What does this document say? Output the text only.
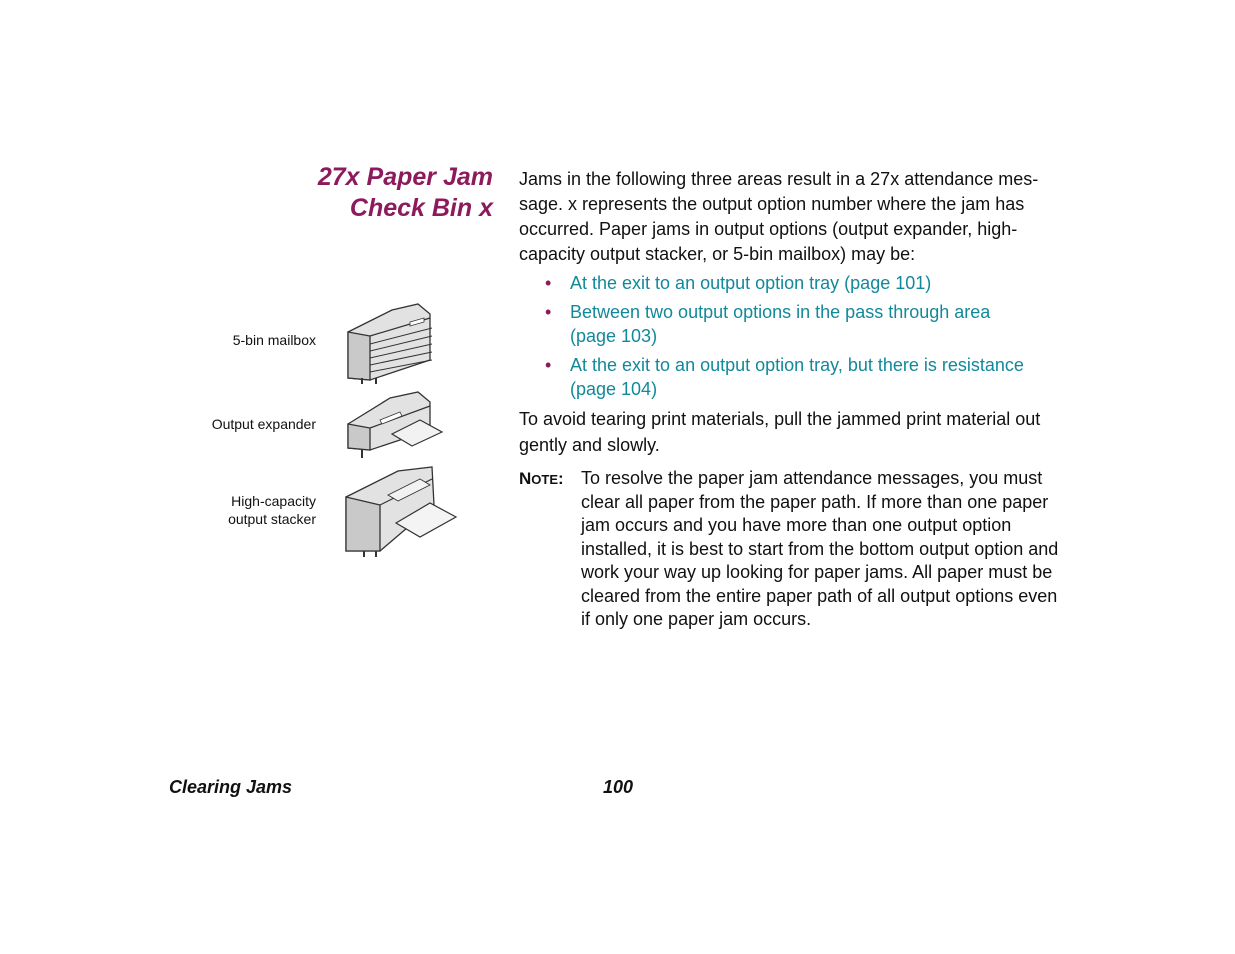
27x Paper Jam
Check Bin x
5-bin mailbox
Output expander
High-capacity
output stacker

Jams in the following three areas result in a 27x attendance mes-
sage. x represents the output option number where the jam has
occurred. Paper jams in output options (output expander, high-
capacity output stacker, or 5-bin mailbox) may be:

• At the exit to an output option tray (page 101)
• Between two output options in the pass through area
(page 103)
• At the exit to an output option tray, but there is resistance
(page 104)

To avoid tearing print materials, pull the jammed print material out
gently and slowly.

NOTE: To resolve the paper jam attendance messages, you must
clear all paper from the paper path. If more than one paper
jam occurs and you have more than one output option
installed, it is best to start from the bottom output option and
work your way up looking for paper jams. All paper must be
cleared from the entire paper path of all output options even
if only one paper jam occurs.
Clearing Jams	100
